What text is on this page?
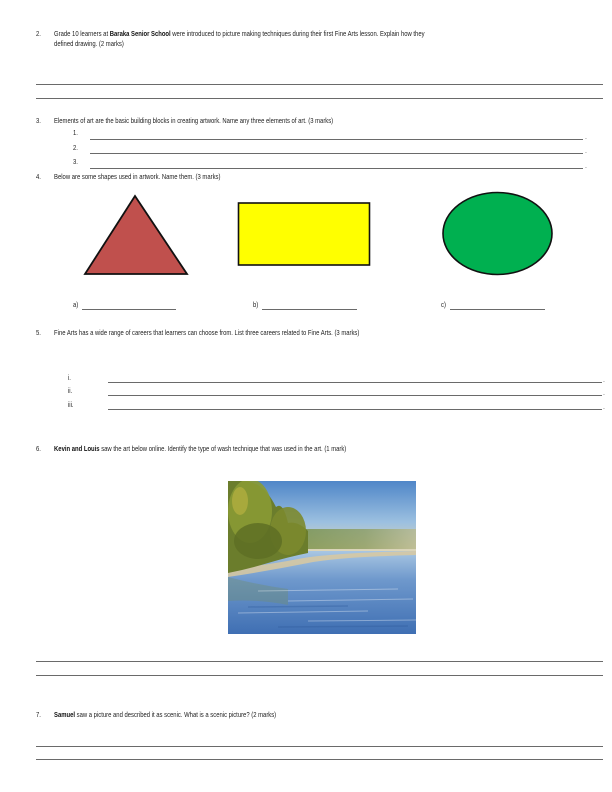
2. Grade 10 learners at Baraka Senior School were introduced to picture making techniques during their first Fine Arts lesson. Explain how they
defined drawing. (2 marks)
3. Elements of art are the basic building blocks in creating artwork. Name any three elements of art. (3 marks)
1.
.
2.	.
3.
.
4. Below are some shapes used in artwork. Name them. (3 marks)
a)	b)	c)
5. Fine Arts has a wide range of careers that learners can choose from. List three careers related to Fine Arts. (3 marks)
i.	.
ii.	.
iii.	.
6. Kevin and Louis saw the art below online. Identify the type of wash technique that was used in the art. (1 mark)
7. Samuel saw a picture and described it as scenic. What is a scenic picture? (2 marks)
